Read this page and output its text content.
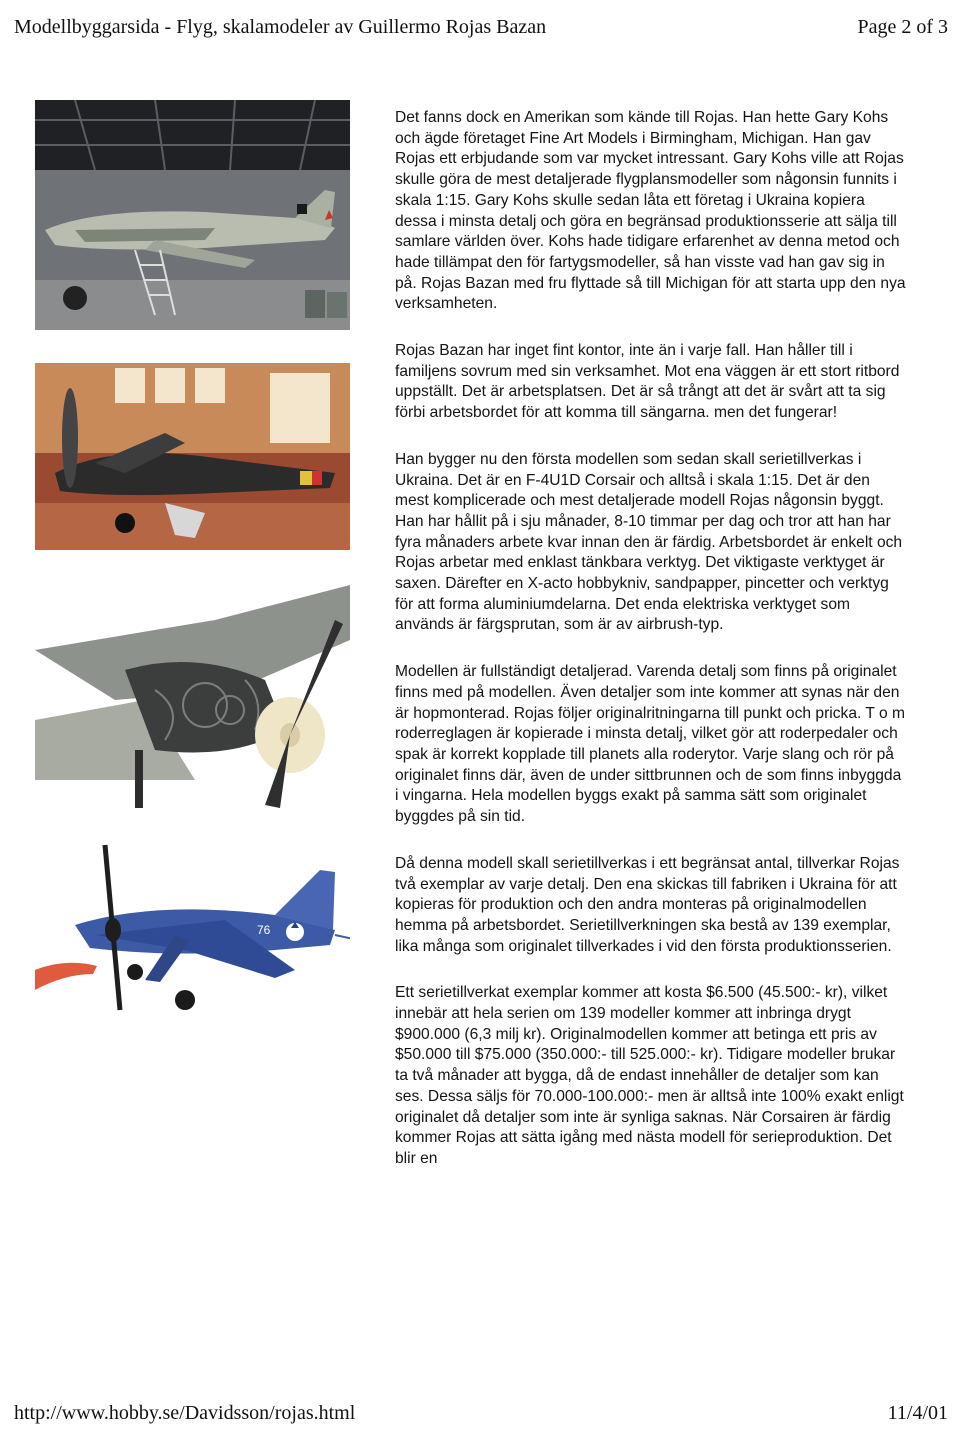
Modellbyggarsida - Flyg, skalamodeler av Guillermo Rojas Bazan	Page 2 of 3
76

Det fanns dock en Amerikan som kände till Rojas. Han hette Gary Kohs och ägde företaget Fine Art Models i Birmingham, Michigan. Han gav Rojas ett erbjudande som var mycket intressant. Gary Kohs ville att Rojas skulle göra de mest detaljerade flygplansmodeller som någonsin funnits i skala 1:15. Gary Kohs skulle sedan låta ett företag i Ukraina kopiera dessa i minsta detalj och göra en begränsad produktionsserie att sälja till samlare världen över. Kohs hade tidigare erfarenhet av denna metod och hade tillämpat den för fartygsmodeller, så han visste vad han gav sig in på. Rojas Bazan med fru flyttade så till Michigan för att starta upp den nya verksamheten.

Rojas Bazan har inget fint kontor, inte än i varje fall. Han håller till i familjens sovrum med sin verksamhet. Mot ena väggen är ett stort ritbord uppställt. Det är arbetsplatsen. Det är så trångt att det är svårt att ta sig förbi arbetsbordet för att komma till sängarna. men det fungerar!

Han bygger nu den första modellen som sedan skall serietillverkas i Ukraina. Det är en F-4U1D Corsair och alltså i skala 1:15. Det är den mest komplicerade och mest detaljerade modell Rojas någonsin byggt. Han har hållit på i sju månader, 8-10 timmar per dag och tror att han har fyra månaders arbete kvar innan den är färdig. Arbetsbordet är enkelt och Rojas arbetar med enklast tänkbara verktyg. Det viktigaste verktyget är saxen. Därefter en X-acto hobbykniv, sandpapper, pincetter och verktyg för att forma aluminiumdelarna. Det enda elektriska verktyget som används är färgsprutan, som är av airbrush-typ.

Modellen är fullständigt detaljerad. Varenda detalj som finns på originalet finns med på modellen. Även detaljer som inte kommer att synas när den är hopmonterad. Rojas följer originalritningarna till punkt och pricka. T o m roderreglagen är kopierade i minsta detalj, vilket gör att roderpedaler och spak är korrekt kopplade till planets alla roderytor. Varje slang och rör på originalet finns där, även de under sittbrunnen och de som finns inbyggda i vingarna. Hela modellen byggs exakt på samma sätt som originalet byggdes på sin tid.

Då denna modell skall serietillverkas i ett begränsat antal, tillverkar Rojas två exemplar av varje detalj. Den ena skickas till fabriken i Ukraina för att kopieras för produktion och den andra monteras på originalmodellen hemma på arbetsbordet. Serietillverkningen ska bestå av 139 exemplar, lika många som originalet tillverkades i vid den första produktionsserien.

Ett serietillverkat exemplar kommer att kosta $6.500 (45.500:- kr), vilket innebär att hela serien om 139 modeller kommer att inbringa drygt $900.000 (6,3 milj kr). Originalmodellen kommer att betinga ett pris av $50.000 till $75.000 (350.000:- till 525.000:- kr). Tidigare modeller brukar ta två månader att bygga, då de endast innehåller de detaljer som kan ses. Dessa säljs för 70.000-100.000:- men är alltså inte 100% exakt enligt originalet då detaljer som inte är synliga saknas. När Corsairen är färdig kommer Rojas att sätta igång med nästa modell för serieproduktion. Det blir en

http://www.hobby.se/Davidsson/rojas.html	11/4/01
